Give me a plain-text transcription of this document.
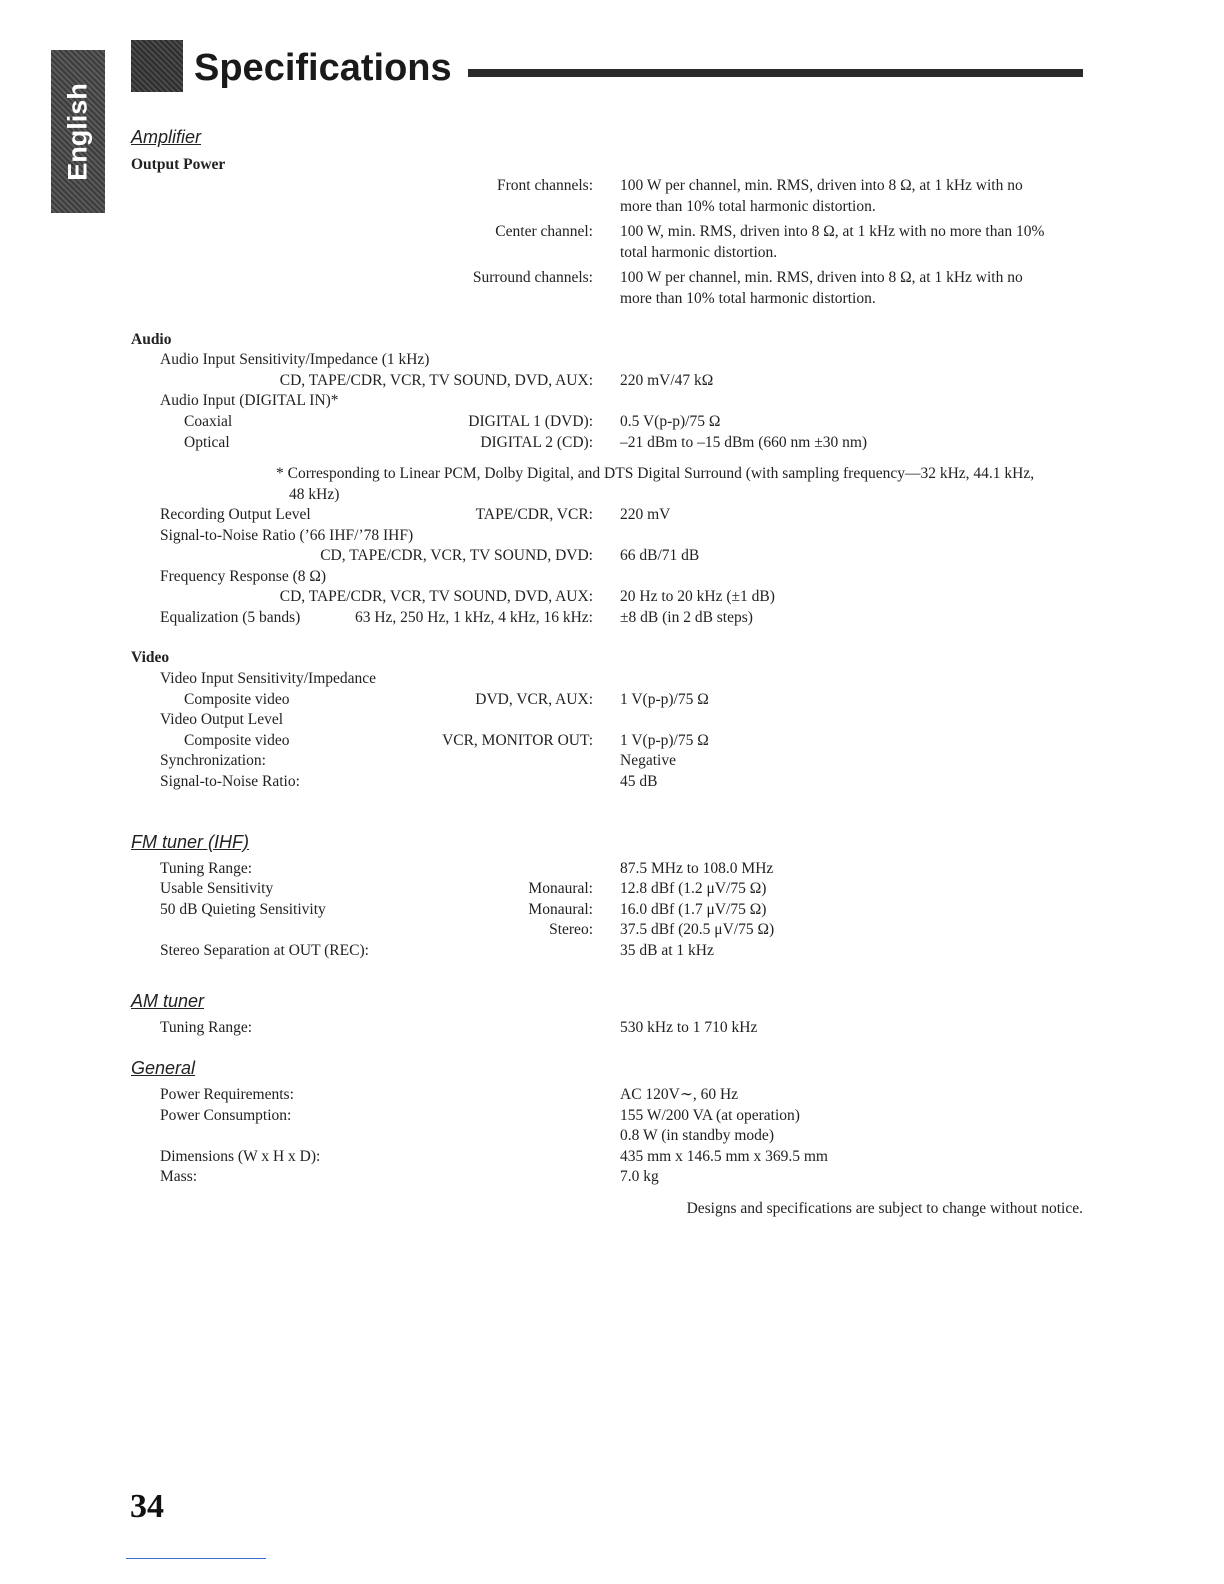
English
Specifications
Amplifier
Output Power
Front channels: 100 W per channel, min. RMS, driven into 8 Ω, at 1 kHz with no
more than 10% total harmonic distortion.
Center channel: 100 W, min. RMS, driven into 8 Ω, at 1 kHz with no more than 10%
total harmonic distortion.
Surround channels: 100 W per channel, min. RMS, driven into 8 Ω, at 1 kHz with no
more than 10% total harmonic distortion.
Audio
Audio Input Sensitivity/Impedance (1 kHz)
CD, TAPE/CDR, VCR, TV SOUND, DVD, AUX: 220 mV/47 kΩ
Audio Input (DIGITAL IN)*
Coaxial	DIGITAL 1 (DVD): 0.5 V(p-p)/75 Ω
Optical	DIGITAL 2 (CD): –21 dBm to –15 dBm (660 nm ±30 nm)
* Corresponding to Linear PCM, Dolby Digital, and DTS Digital Surround (with sampling frequency—32 kHz, 44.1 kHz,
48 kHz)
Recording Output Level	TAPE/CDR, VCR: 220 mV
Signal-to-Noise Ratio (’66 IHF/’78 IHF)
CD, TAPE/CDR, VCR, TV SOUND, DVD: 66 dB/71 dB
Frequency Response (8 Ω)
CD, TAPE/CDR, VCR, TV SOUND, DVD, AUX: 20 Hz to 20 kHz (±1 dB)
Equalization (5 bands)	63 Hz, 250 Hz, 1 kHz, 4 kHz, 16 kHz: ±8 dB (in 2 dB steps)
Video
Video Input Sensitivity/Impedance
Composite video	DVD, VCR, AUX: 1 V(p-p)/75 Ω
Video Output Level
Composite video	VCR, MONITOR OUT: 1 V(p-p)/75 Ω
Synchronization:	Negative
Signal-to-Noise Ratio:	45 dB
FM tuner (IHF)
Tuning Range:	87.5 MHz to 108.0 MHz
Usable Sensitivity	Monaural: 12.8 dBf (1.2 μV/75 Ω)
50 dB Quieting Sensitivity	Monaural: 16.0 dBf (1.7 μV/75 Ω)
Stereo: 37.5 dBf (20.5 μV/75 Ω)
Stereo Separation at OUT (REC):	35 dB at 1 kHz
AM tuner
Tuning Range:	530 kHz to 1 710 kHz
General
Power Requirements:	AC 120V∼, 60 Hz
Power Consumption:	155 W/200 VA (at operation)
0.8 W (in standby mode)
Dimensions (W x H x D):	435 mm x 146.5 mm x 369.5 mm
Mass:	7.0 kg
Designs and specifications are subject to change without notice.
34
